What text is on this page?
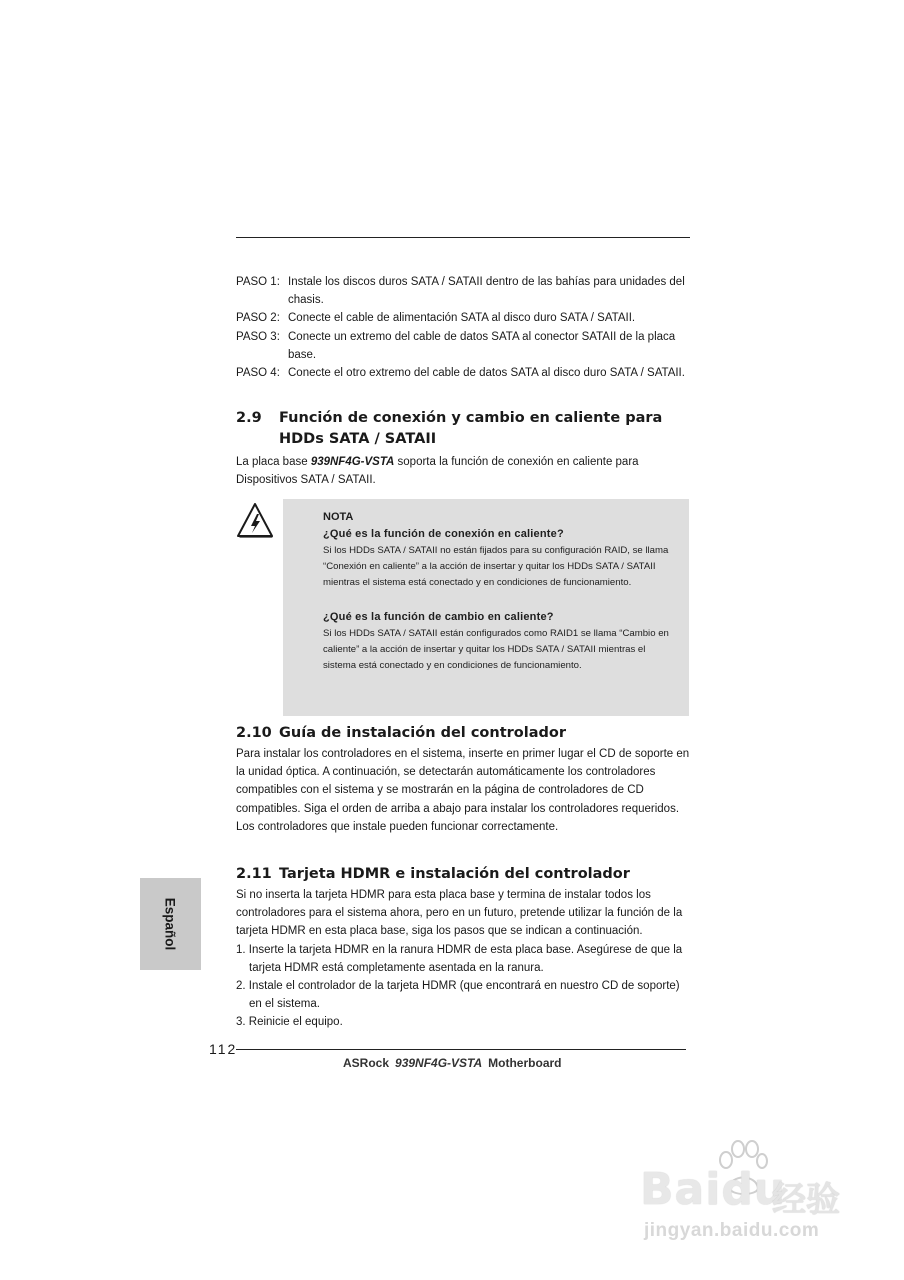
PASO 1: Instale los discos duros SATA / SATAII dentro de las bahías para unidades del chasis.
PASO 2: Conecte el cable de alimentación SATA al disco duro SATA / SATAII.
PASO 3: Conecte un extremo del cable de datos SATA al conector SATAII de la placa base.
PASO 4: Conecte el otro extremo del cable de datos SATA al disco duro SATA / SATAII.
2.9 Función de conexión y cambio en caliente para
HDDs SATA / SATAII
La placa base 939NF4G-VSTA soporta la función de conexión en caliente para Dispositivos SATA / SATAII.
NOTA
¿Qué es la función de conexión en caliente?
Si los HDDs SATA / SATAII no están fijados para su configuración RAID, se llama “Conexión en caliente” a la acción de insertar y quitar los HDDs SATA / SATAII mientras el sistema está conectado y en condiciones de funcionamiento.
¿Qué es la función de cambio en caliente?
Si los HDDs SATA / SATAII están configurados como RAID1 se llama “Cambio en caliente” a la acción de insertar y quitar los HDDs SATA / SATAII mientras el sistema está conectado y en condiciones de funcionamiento.
2.10 Guía de instalación del controlador
Para instalar los controladores en el sistema, inserte en primer lugar el CD de soporte en la unidad óptica. A continuación, se detectarán automáticamente los controladores compatibles con el sistema y se mostrarán en la página de controladores de CD compatibles. Siga el orden de arriba a abajo para instalar los controladores requeridos. Los controladores que instale pueden funcionar correctamente.
2.11 Tarjeta HDMR e instalación del controlador
Si no inserta la tarjeta HDMR para esta placa base y termina de instalar todos los controladores para el sistema ahora, pero en un futuro, pretende utilizar la función de la tarjeta HDMR en esta placa base, siga los pasos que se indican a continuación.
1. Inserte la tarjeta HDMR en la ranura HDMR de esta placa base. Asegúrese de que la tarjeta HDMR está completamente asentada en la ranura.
2. Instale el controlador de la tarjeta HDMR (que encontrará en nuestro CD de soporte) en el sistema.
3. Reinicie el equipo.
Español
112
ASRock 939NF4G-VSTA Motherboard
Baidu
经验
jingyan.baidu.com
